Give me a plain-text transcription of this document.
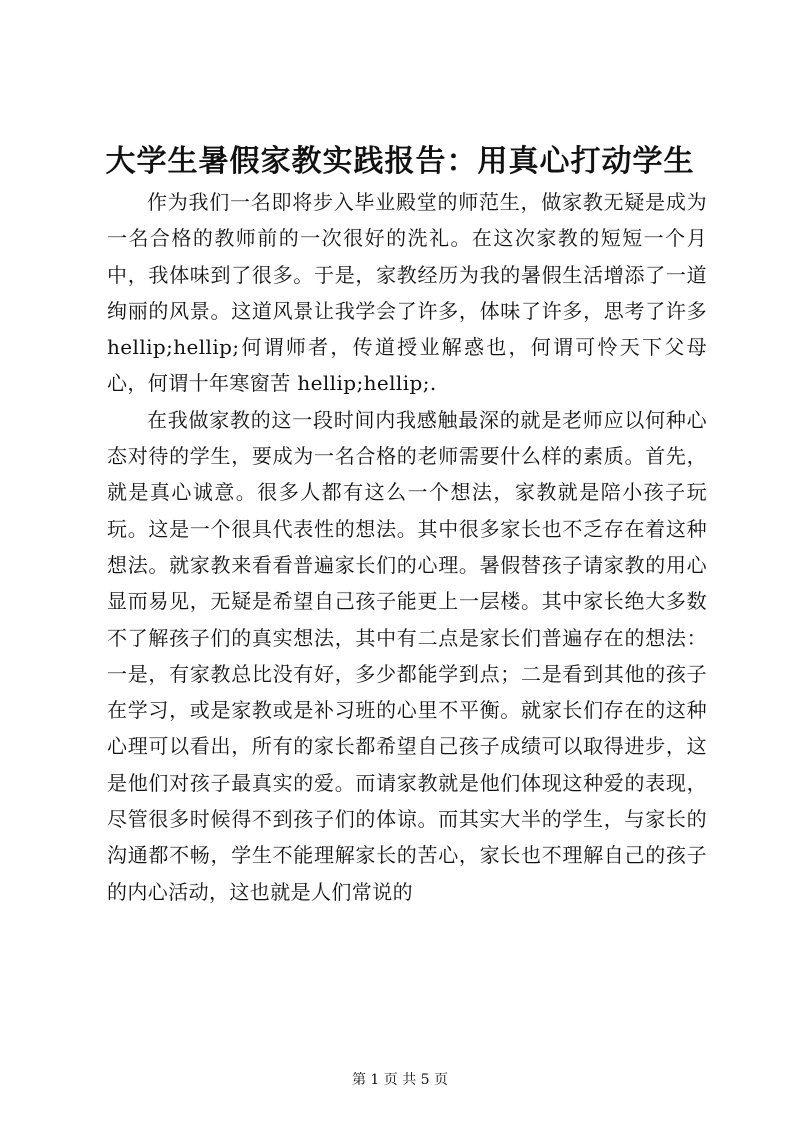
大学生暑假家教实践报告：用真心打动学生

作为我们一名即将步入毕业殿堂的师范生，做家教无疑是成为一名合格的教师前的一次很好的洗礼。在这次家教的短短一个月中，我体味到了很多。于是，家教经历为我的暑假生活增添了一道绚丽的风景。这道风景让我学会了许多，体味了许多，思考了许多 hellip;hellip;何谓师者，传道授业解惑也，何谓可怜天下父母心，何谓十年寒窗苦 hellip;hellip;.

在我做家教的这一段时间内我感触最深的就是老师应以何种心态对待的学生，要成为一名合格的老师需要什么样的素质。首先，就是真心诚意。很多人都有这么一个想法，家教就是陪小孩子玩玩。这是一个很具代表性的想法。其中很多家长也不乏存在着这种想法。就家教来看看普遍家长们的心理。暑假替孩子请家教的用心显而易见，无疑是希望自己孩子能更上一层楼。其中家长绝大多数不了解孩子们的真实想法，其中有二点是家长们普遍存在的想法：一是，有家教总比没有好，多少都能学到点；二是看到其他的孩子在学习，或是家教或是补习班的心里不平衡。就家长们存在的这种心理可以看出，所有的家长都希望自己孩子成绩可以取得进步，这是他们对孩子最真实的爱。而请家教就是他们体现这种爱的表现，尽管很多时候得不到孩子们的体谅。而其实大半的学生，与家长的沟通都不畅，学生不能理解家长的苦心，家长也不理解自己的孩子的内心活动，这也就是人们常说的

第 1 页 共 5 页
